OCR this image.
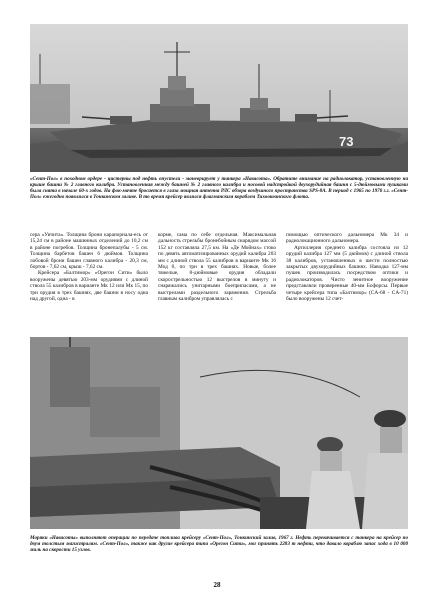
73
«Сент-Пол» в походном ордере - цистерны под нефть опустели - маневрирует у танкера «Навасота». Обратите внимание на радиолокатор, установленную на крыше башни № 2 главного калибра. Установленная между башней № 2 главного калибра и носовой надстройкой двухорудийная башня с 5-дюймовыми пушками была снята в начале 60-х годов. На фок-мачте бросается в глаза мощная антенна РЛС обзора воздушного пространства SPS-8A. В период с 1965 по 1970 г.г. «Сент-Пол» ежегодно появлялся в Тонкинском заливе. В то время крейсер являлся флагманским кораблем Тихоокеанского флота.

сера «Уичита». Толщина брони карапорнала-есь от 15,24 см в районе машинных отделений до 10,2 см в районе погребов. Толщина бронепалубы - 5 см. Толщина барбетов башен 6 дюймов. Толщина лобовой брони башен главного калибра - 20,3 см, бортов - 7,62 см, крыш - 7,62 см.

Крейсера «Балтимор» «Орегон Сити» было вооружены девятью 203-мм орудиями с длиной ствола 55 калибров в варианте Мк 12 или Мк 15, по три орудия в трех башнях, две башни в носу одна над другой, одна - в

корме, сама по себе отдельная. Максимальная дальность стрельбы бронебойным снарядом массой 152 кг составляла 27,5 км. На «Де Мойнах» стоко по девять автоматизированных орудий калибра 203 мм с длиной ствола 55 калибров в варианте Мк 16 Мод 0, по три в трех башнях. Новые, более тяжелые, 8-дюймовые орудия обладали скорострельностью 12 выстрелов в минуту и снаряжались унитарными боеприпасами, а не выстрелами раздельного заряжения. Стрельба главным калибром управлялась с

помощью оптического дальномера Мк 34 и радиолокационного дальномера.

Артиллерия среднего калибра состояла из 12 орудий калибра 127 мм (5 дюймов) с длиной ствола 38 калибров, установленных в шести полностью закрытых двухорудийных башнях. Наводка 127-мм пушек производилась посредством оптики и радиолокаторов. Чисто зенитное вооружение представляли проверенные 40-мм Бофорсы. Первые четыре крейсера типа «Балтимор» (CA-68 - CA-71) было вооружены 12 счет-

Моряки «Навасоты» выполняют операции по передаче топлива крейсеру «Сент-Пол», Тонкинский залив, 1967 г. Нефть перекачивается с танкера на крейсер по двум толстым магистралям. «Сент-Пол», также как другие крейсера типа «Орегон Сити», мог принять 2283 т нефти, что давало кораблю запас хода в 10 000 миль на скорости 15 узлов.
28
